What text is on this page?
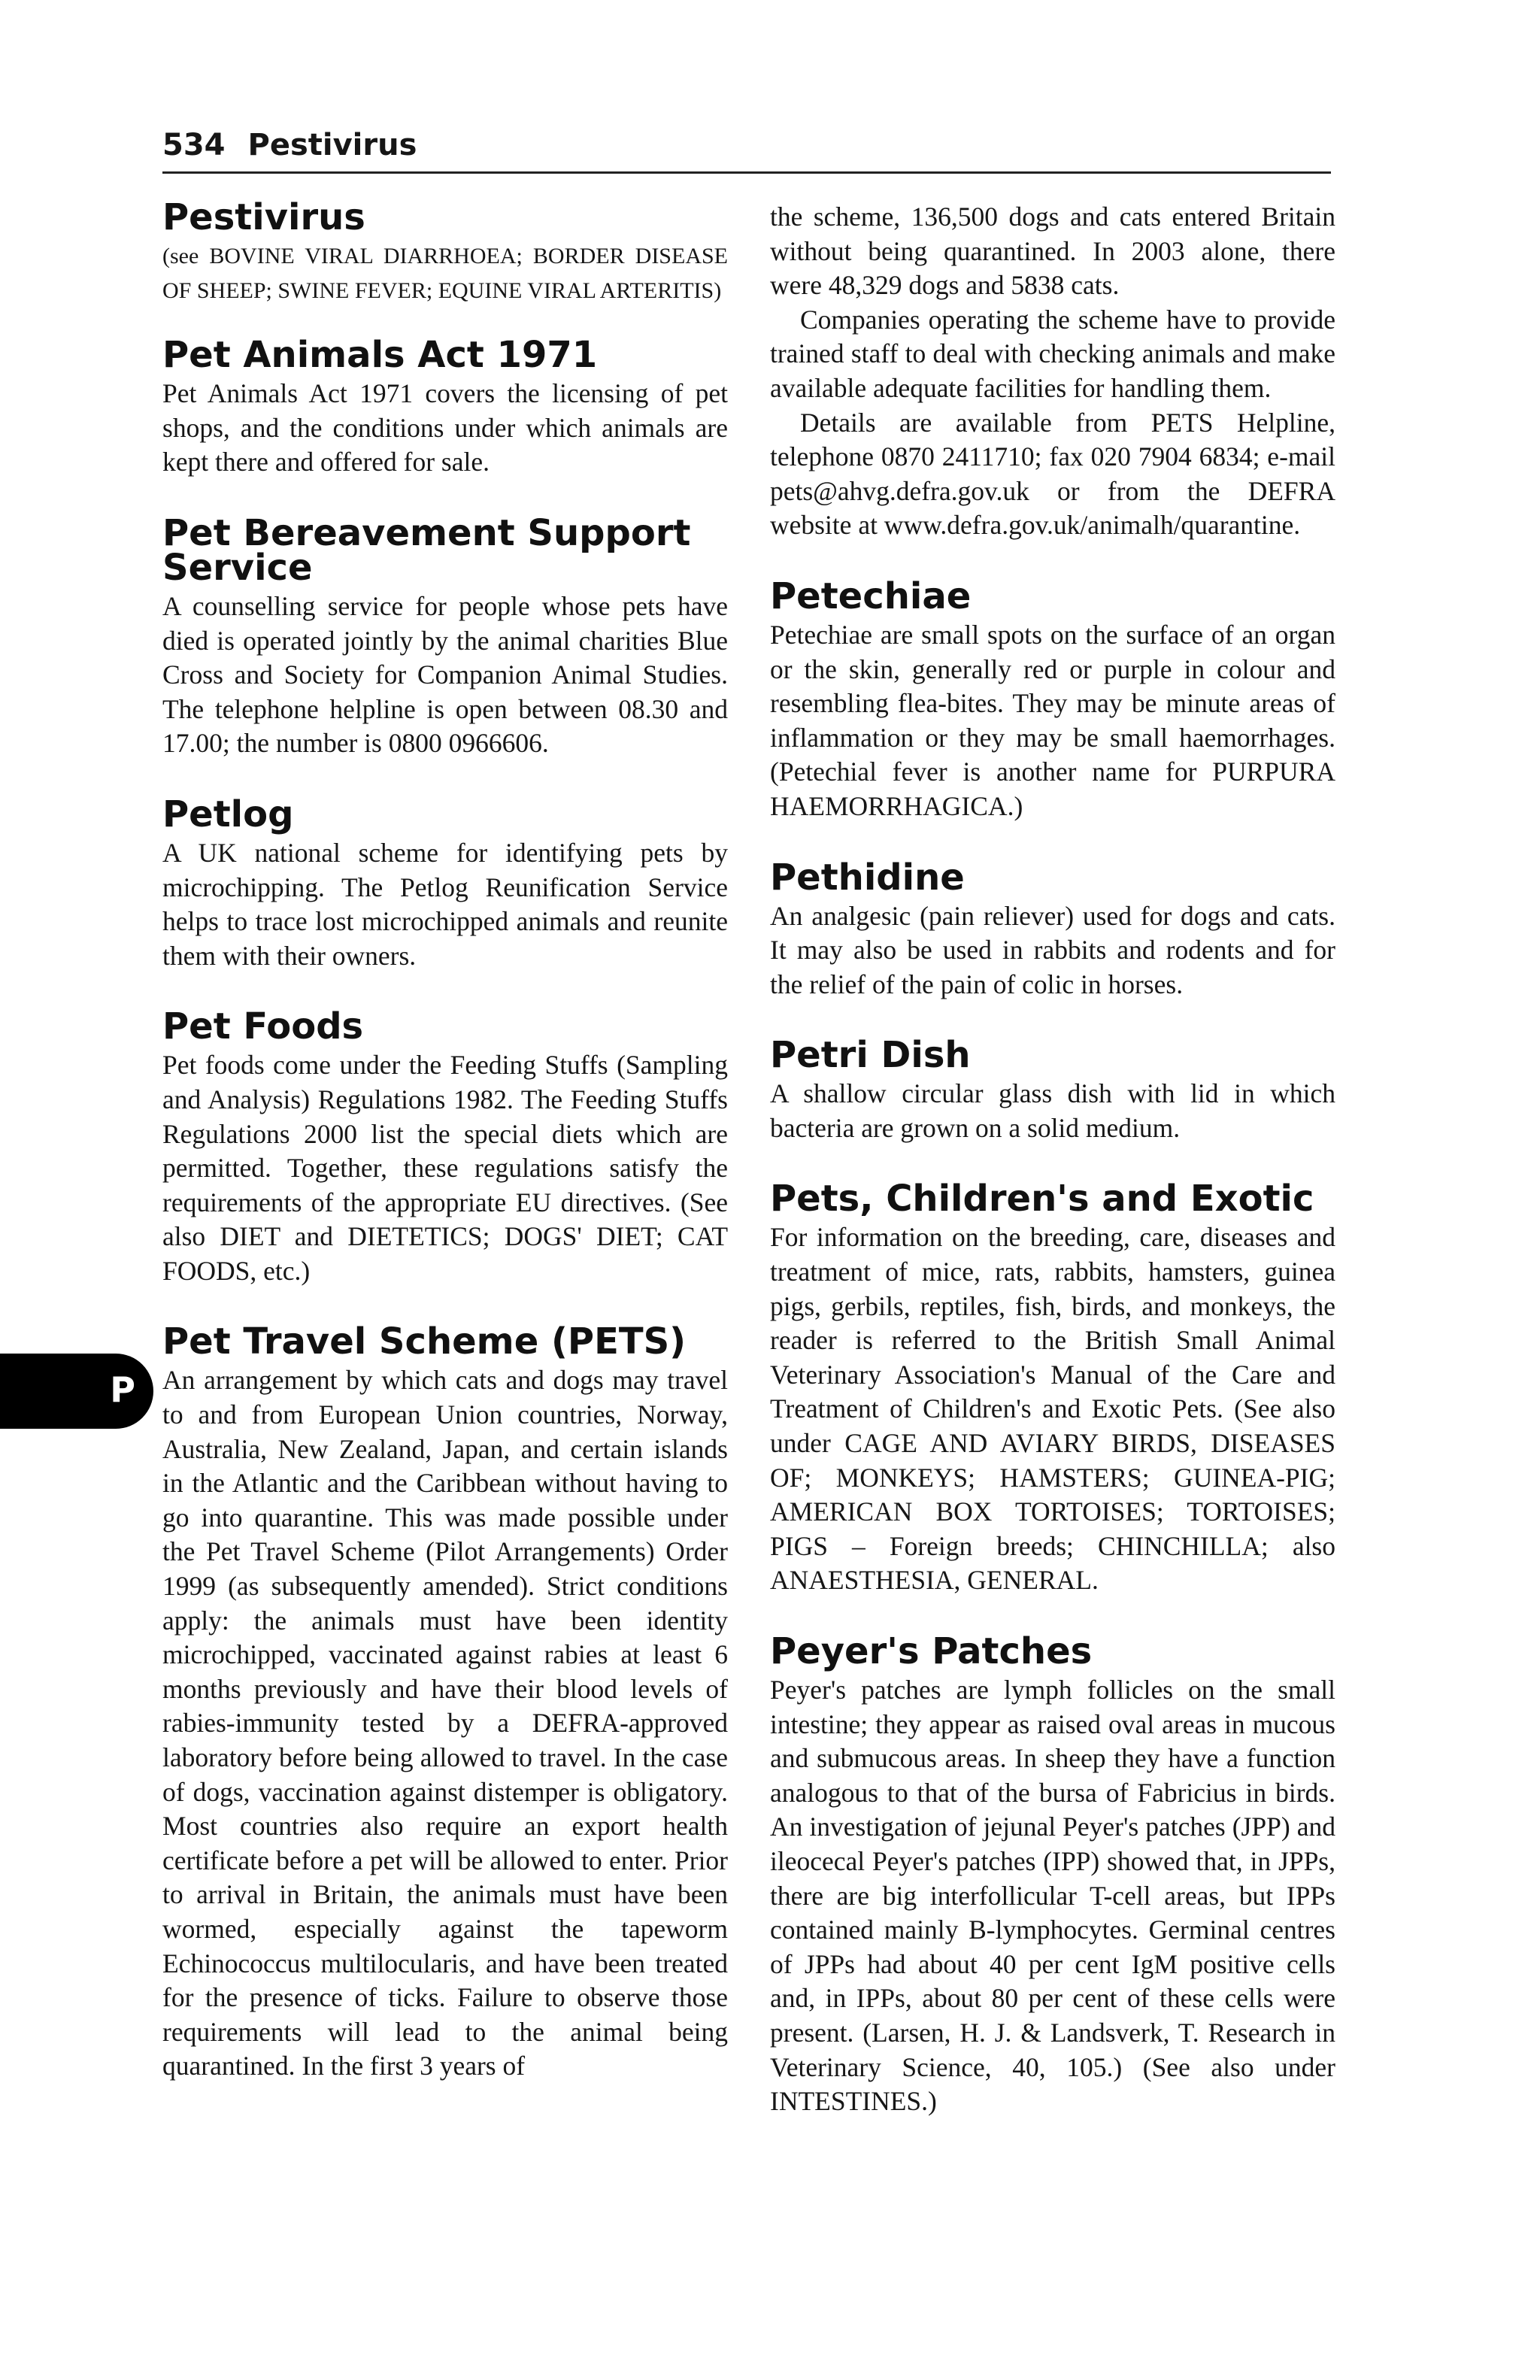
534 Pestivirus
P
Pestivirus

(see BOVINE VIRAL DIARRHOEA; BORDER DISEASE OF SHEEP; SWINE FEVER; EQUINE VIRAL ARTERITIS)

Pet Animals Act 1971

Pet Animals Act 1971 covers the licensing of pet shops, and the conditions under which animals are kept there and offered for sale.

Pet Bereavement Support Service

A counselling service for people whose pets have died is operated jointly by the animal charities Blue Cross and Society for Companion Animal Studies. The telephone helpline is open between 08.30 and 17.00; the number is 0800 0966606.

Petlog

A UK national scheme for identifying pets by microchipping. The Petlog Reunification Service helps to trace lost microchipped animals and reunite them with their owners.

Pet Foods

Pet foods come under the Feeding Stuffs (Sampling and Analysis) Regulations 1982. The Feeding Stuffs Regulations 2000 list the special diets which are permitted. Together, these regulations satisfy the requirements of the appropriate EU directives. (See also DIET and DIETETICS; DOGS' DIET; CAT FOODS, etc.)

Pet Travel Scheme (PETS)

An arrangement by which cats and dogs may travel to and from European Union countries, Norway, Australia, New Zealand, Japan, and certain islands in the Atlantic and the Caribbean without having to go into quarantine. This was made possible under the Pet Travel Scheme (Pilot Arrangements) Order 1999 (as subsequently amended). Strict conditions apply: the animals must have been identity microchipped, vaccinated against rabies at least 6 months previously and have their blood levels of rabies-immunity tested by a DEFRA-approved laboratory before being allowed to travel. In the case of dogs, vaccination against distemper is obligatory. Most countries also require an export health certificate before a pet will be allowed to enter. Prior to arrival in Britain, the animals must have been wormed, especially against the tapeworm Echinococcus multilocularis, and have been treated for the presence of ticks. Failure to observe those requirements will lead to the animal being quarantined. In the first 3 years of

the scheme, 136,500 dogs and cats entered Britain without being quarantined. In 2003 alone, there were 48,329 dogs and 5838 cats.

Companies operating the scheme have to provide trained staff to deal with checking animals and make available adequate facilities for handling them.

Details are available from PETS Helpline, telephone 0870 2411710; fax 020 7904 6834; e-mail pets@ahvg.defra.gov.uk or from the DEFRA website at www.defra.gov.uk/animalh/quarantine.

Petechiae

Petechiae are small spots on the surface of an organ or the skin, generally red or purple in colour and resembling flea-bites. They may be minute areas of inflammation or they may be small haemorrhages. (Petechial fever is another name for PURPURA HAEMORRHAGICA.)

Pethidine

An analgesic (pain reliever) used for dogs and cats. It may also be used in rabbits and rodents and for the relief of the pain of colic in horses.

Petri Dish

A shallow circular glass dish with lid in which bacteria are grown on a solid medium.

Pets, Children's and Exotic

For information on the breeding, care, diseases and treatment of mice, rats, rabbits, hamsters, guinea pigs, gerbils, reptiles, fish, birds, and monkeys, the reader is referred to the British Small Animal Veterinary Association's Manual of the Care and Treatment of Children's and Exotic Pets. (See also under CAGE AND AVIARY BIRDS, DISEASES OF; MONKEYS; HAMSTERS; GUINEA-PIG; AMERICAN BOX TORTOISES; TORTOISES; PIGS – Foreign breeds; CHINCHILLA; also ANAESTHESIA, GENERAL.

Peyer's Patches

Peyer's patches are lymph follicles on the small intestine; they appear as raised oval areas in mucous and submucous areas. In sheep they have a function analogous to that of the bursa of Fabricius in birds. An investigation of jejunal Peyer's patches (JPP) and ileocecal Peyer's patches (IPP) showed that, in JPPs, there are big interfollicular T-cell areas, but IPPs contained mainly B-lymphocytes. Germinal centres of JPPs had about 40 per cent IgM positive cells and, in IPPs, about 80 per cent of these cells were present. (Larsen, H. J. & Landsverk, T. Research in Veterinary Science, 40, 105.) (See also under INTESTINES.)
